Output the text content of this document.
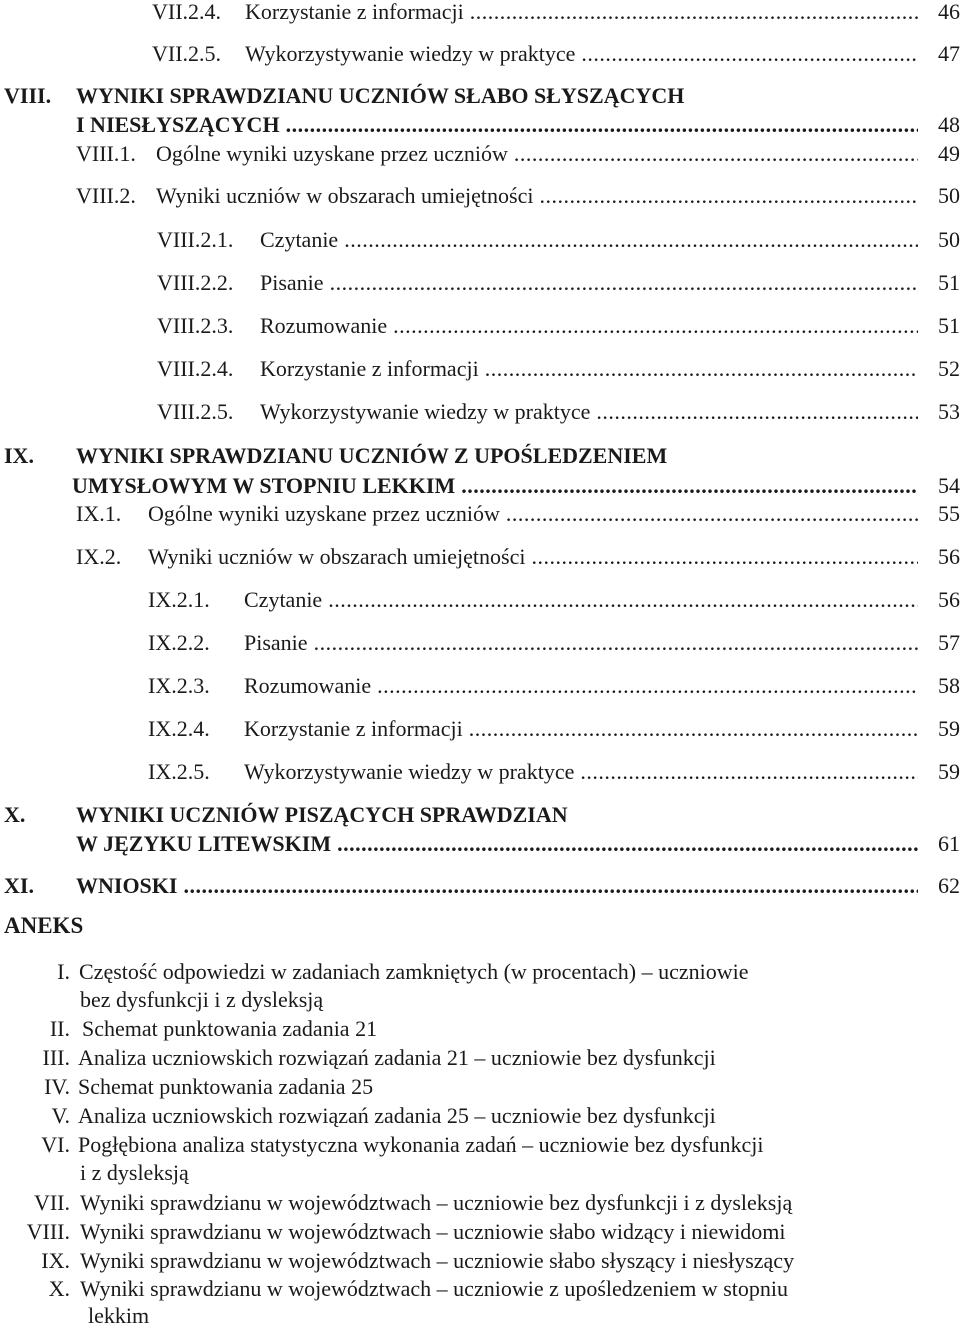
VII.2.4. Korzystanie z informacji .....	46
VII.2.5. Wykorzystywanie wiedzy w praktyce .....	47
VIII. WYNIKI SPRAWDZIANU UCZNIÓW SŁABO SŁYSZĄCYCH
I NIESŁYSZĄCYCH .....	48
VIII.1. Ogólne wyniki uzyskane przez uczniów .....	49
VIII.2. Wyniki uczniów w obszarach umiejętności .....	50
VIII.2.1. Czytanie .....	50
VIII.2.2. Pisanie .....	51
VIII.2.3. Rozumowanie .....	51
VIII.2.4. Korzystanie z informacji .....	52
VIII.2.5. Wykorzystywanie wiedzy w praktyce .....	53
IX. WYNIKI SPRAWDZIANU UCZNIÓW Z UPOŚLEDZENIEM
UMYSŁOWYM W STOPNIU LEKKIM .....	54
IX.1. Ogólne wyniki uzyskane przez uczniów .....	55
IX.2. Wyniki uczniów w obszarach umiejętności .....	56
IX.2.1. Czytanie .....	56
IX.2.2. Pisanie .....	57
IX.2.3. Rozumowanie .....	58
IX.2.4. Korzystanie z informacji .....	59
IX.2.5. Wykorzystywanie wiedzy w praktyce .....	59
X. WYNIKI UCZNIÓW PISZĄCYCH SPRAWDZIAN
W JĘZYKU LITEWSKIM .....	61
XI. WNIOSKI .....	62
ANEKS
I. Częstość odpowiedzi w zadaniach zamkniętych (w procentach) – uczniowie
bez dysfunkcji i z dysleksją
II. Schemat punktowania zadania 21
III. Analiza uczniowskich rozwiązań zadania 21 – uczniowie bez dysfunkcji
IV. Schemat punktowania zadania 25
V. Analiza uczniowskich rozwiązań zadania 25 – uczniowie bez dysfunkcji
VI. Pogłębiona analiza statystyczna wykonania zadań – uczniowie bez dysfunkcji
i z dysleksją
VII. Wyniki sprawdzianu w województwach – uczniowie bez dysfunkcji i z dysleksją
VIII. Wyniki sprawdzianu w województwach – uczniowie słabo widzący i niewidomi
IX. Wyniki sprawdzianu w województwach – uczniowie słabo słyszący i niesłyszący
X. Wyniki sprawdzianu w województwach – uczniowie z upośledzeniem w stopniu
lekkim
